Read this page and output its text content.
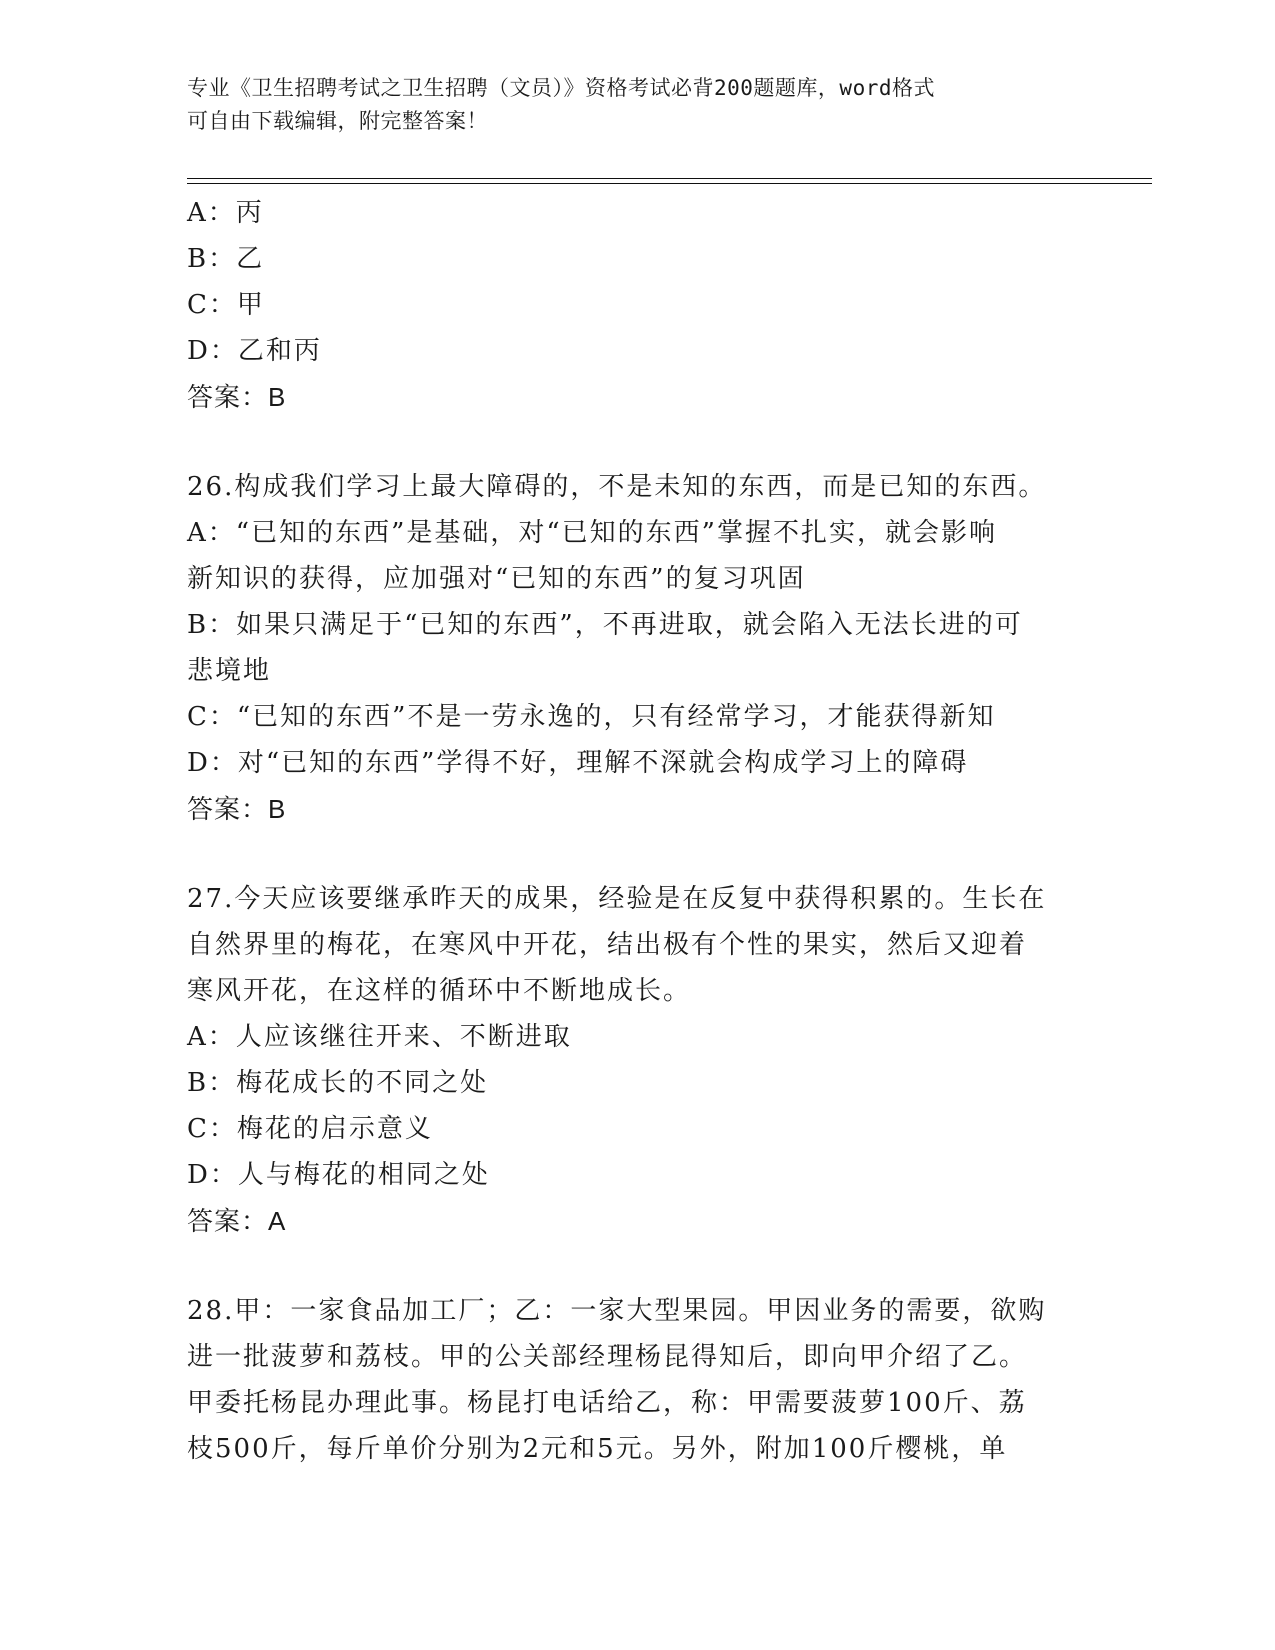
专业《卫生招聘考试之卫生招聘（文员）》资格考试必背200题题库，word格式
可自由下载编辑，附完整答案！
A：丙
B：乙
C：甲
D：乙和丙
答案：B
26.构成我们学习上最大障碍的，不是未知的东西，而是已知的东西。
A：“已知的东西”是基础，对“已知的东西”掌握不扎实，就会影响
新知识的获得，应加强对“已知的东西”的复习巩固
B：如果只满足于“已知的东西”，不再进取，就会陷入无法长进的可
悲境地
C：“已知的东西”不是一劳永逸的，只有经常学习，才能获得新知
D：对“已知的东西”学得不好，理解不深就会构成学习上的障碍
答案：B
27.今天应该要继承昨天的成果，经验是在反复中获得积累的。生长在
自然界里的梅花，在寒风中开花，结出极有个性的果实，然后又迎着
寒风开花，在这样的循环中不断地成长。
A：人应该继往开来、不断进取
B：梅花成长的不同之处
C：梅花的启示意义
D：人与梅花的相同之处
答案：A
28.甲：一家食品加工厂；乙：一家大型果园。甲因业务的需要，欲购
进一批菠萝和荔枝。甲的公关部经理杨昆得知后，即向甲介绍了乙。
甲委托杨昆办理此事。杨昆打电话给乙，称：甲需要菠萝100斤、荔
枝500斤，每斤单价分别为2元和5元。另外，附加100斤樱桃，单
